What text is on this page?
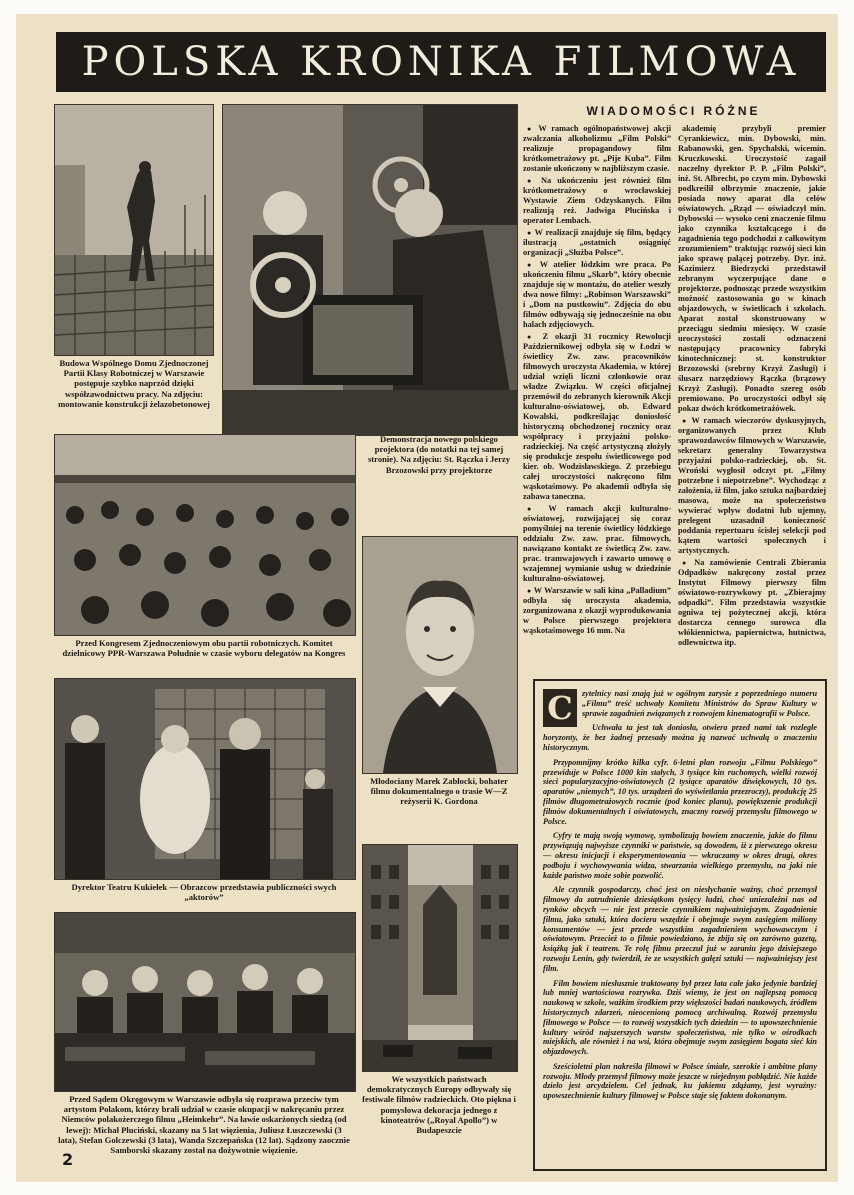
POLSKA KRONIKA FILMOWA
Budowa Wspólnego Domu Zjednoczonej Partii Klasy Robotniczej w Warszawie postępuje szybko naprzód dzięki współzawodnictwu pracy. Na zdjęciu: montowanie konstrukcji żelazobetonowej
WIADOMOŚCI RÓŻNE

● W ramach ogólnopaństwowej akcji zwalczania alkoholizmu „Film Polski” realizuje propagandowy film krótkometrażowy pt. „Pije Kuba”. Film zostanie ukończony w najbliższym czasie.

● Na ukończeniu jest również film krótkometrażowy o wrocławskiej Wystawie Ziem Odzyskanych. Film realizują reż. Jadwiga Plucińska i operator Lembach.

● W realizacji znajduje się film, będący ilustracją „ostatnich osiągnięć organizacji „Służba Polsce”.

● W atelier łódzkim wre praca. Po ukończeniu filmu „Skarb”, który obecnie znajduje się w montażu, do atelier weszły dwa nowe filmy: „Robinson Warszawski” i „Dom na pustkowiu”. Zdjęcia do obu filmów odbywają się jednocześnie na obu halach zdjęciowych.

● Z okazji 31 rocznicy Rewolucji Październikowej odbyła się w Łodzi w świetlicy Zw. zaw. pracowników filmowych uroczysta Akademia, w której udział wzięli liczni członkowie oraz władze Związku. W części oficjalnej przemówił do zebranych kierownik Akcji kulturalno-oświatowej, ob. Edward Kowalski, podkreślając doniosłość historyczną obchodzonej rocznicy oraz współpracy i przyjaźni polsko-radzieckiej. Na część artystyczną złożyły się produkcje zespołu świetlicowego pod kier. ob. Wodzisławskiego. Z przebiegu całej uroczystości nakręcono film wąskotaśmowy. Po akademii odbyła się zabawa taneczna.

● W ramach akcji kulturalno-oświatowej, rozwijającej się coraz pomyślniej na terenie świetlicy łódzkiego oddziału Zw. zaw. prac. filmowych, nawiązano kontakt ze świetlicą Zw. zaw. prac. tramwajowych i zawarto umowę o wzajemnej wymianie usług w dziedzinie kulturalno-oświatowej.

● W Warszawie w sali kina „Palladium” odbyła się uroczysta akademia, zorganizowana z okazji wyprodukowania w Polsce pierwszego projektora wąskotaśmowego 16 mm. Na

akademię przybyli premier Cyrankiewicz, min. Dybowski, min. Rabanowski, gen. Spychalski, wicemin. Kruczkowski. Uroczystość zagaił naczelny dyrektor P. P. „Film Polski”, inż. St. Albrecht, po czym min. Dybowski podkreślił olbrzymie znaczenie, jakie posiada nowy aparat dla celów oświatowych. „Rząd — oświadczył min. Dybowski — wysoko ceni znaczenie filmu jako czynnika kształcącego i do zagadnienia tego podchodzi z całkowitym zrozumieniem” traktując rozwój sieci kin jako sprawę palącej potrzeby. Dyr. inż. Kazimierz Biedrzycki przedstawił zebranym wyczerpujące dane o projektorze, podnosząc przede wszystkim możność zastosowania go w kinach objazdowych, w świetlicach i szkołach. Aparat został skonstruowany w przeciągu siedmiu miesięcy. W czasie uroczystości zostali odznaczeni następujący pracownicy fabryki kinotechnicznej: st. konstruktor Brzozowski (srebrny Krzyż Zasługi) i ślusarz narzędziowy Rączka (brązowy Krzyż Zasługi). Ponadto szereg osób premiowano. Po uroczystości odbył się pokaz dwóch krótkometrażówek.

● W ramach wieczorów dyskusyjnych, organizowanych przez Klub sprawozdawców filmowych w Warszawie, sekretarz generalny Towarzystwa przyjaźni polsko-radzieckiej, ob. St. Wroński wygłosił odczyt pt. „Filmy potrzebne i niepotrzebne”. Wychodząc z założenia, iż film, jako sztuka najbardziej masowa, może na społeczeństwo wywierać wpływ dodatni lub ujemny, prelegent uzasadnił konieczność poddania repertuaru ścisłej selekcji pod kątem wartości społecznych i artystycznych.

● Na zamówienie Centrali Zbierania Odpadków nakręcony został przez Instytut Filmowy pierwszy film oświatowo-rozrywkowy pt. „Zbierajmy odpadki”. Film przedstawia wszystkie ogniwa tej pożytecznej akcji, która dostarcza cennego surowca dla włókiennictwa, papiernictwa, hutnictwa, odlewnictwa itp.

Przed Kongresem Zjednoczeniowym obu partii robotniczych. Komitet dzielnicowy PPR-Warszawa Południe w czasie wyboru delegatów na Kongres
Demonstracja nowego polskiego projektora (do notatki na tej samej stronie). Na zdjęciu: St. Rączka i Jerzy Brzozowski przy projektorze
Młodociany Marek Zabłocki, bohater filmu dokumentalnego o trasie W—Z reżyserii K. Gordona
Dyrektor Teatru Kukiełek — Obrazcow przedstawia publiczności swych „aktorów”
We wszystkich państwach demokratycznych Europy odbywały się festiwale filmów radzieckich. Oto piękna i pomysłowa dekoracja jednego z kinoteatrów („Royal Apollo”) w Budapeszcie
Przed Sądem Okręgowym w Warszawie odbyła się rozprawa przeciw tym artystom Polakom, którzy brali udział w czasie okupacji w nakręcaniu przez Niemców polakożerczego filmu „Heimkehr”. Na ławie oskarżonych siedzą (od lewej): Michał Pluciński, skazany na 5 lat więzienia, Juliusz Łuszczewski (3 lata), Stefan Golczewski (3 lata), Wanda Szczepańska (12 lat). Sądzony zaocznie Samborski skazany został na dożywotnie więzienie.

C	zytelnicy nasi znają już w ogólnym zarysie z poprzedniego numeru „Filmu” treść uchwały Komitetu Ministrów do Spraw Kultury w sprawie zagadnień związanych z rozwojem kinematografii w Polsce.

Uchwała ta jest tak doniosła, otwiera przed nami tak rozległe horyzonty, że bez żadnej przesady można ją nazwać uchwałą o znaczeniu historycznym.

Przypomnijmy krótko kilka cyfr. 6-letni plan rozwoju „Filmu Polskiego” przewiduje w Polsce 1000 kin stałych, 3 tysiące kin ruchomych, wielki rozwój sieci popularyzacyjno-oświatowych (2 tysiące aparatów dźwiękowych, 10 tys. aparatów „niemych”, 10 tys. urządzeń do wyświetlania przezroczy), produkcję 25 filmów długometrażowych rocznie (pod koniec planu), powiększenie produkcji filmów dokumentalnych i oświatowych, znaczny rozwój przemysłu filmowego w Polsce.

Cyfry te mają swoją wymowę, symbolizują bowiem znaczenie, jakie do filmu przywiązują najwyższe czynniki w państwie, są dowodem, iż z pierwszego okresu — okresu inicjacji i eksperymentowania — wkraczamy w okres drugi, okres podboju i wychowywania widza, stwarzania wielkiego przemysłu, na jaki nie każde państwo może sobie pozwolić.

Ale czynnik gospodarczy, choć jest on niesłychanie ważny, choć przemysł filmowy da zatrudnienie dziesiątkom tysięcy ludzi, choć uniezależni nas od rynków obcych — nie jest przecie czynnikiem najważniejszym. Zagadnienie filmu, jako sztuki, która dociera wszędzie i obejmuje swym zasięgiem miliony konsumentów — jest przede wszystkim zagadnieniem wychowawczym i oświatowym. Przecież to o filmie powiedziano, że zbija się on zarówno gazetą, książką jak i teatrem. Te rolę filmu przeczuł już w zaraniu jego dzisiejszego rozwoju Lenin, gdy twierdził, że ze wszystkich gałęzi sztuki — najważniejszy jest film.

Film bowiem niesłusznie traktowany był przez lata całe jako jedynie bardziej lub mniej wartościowa rozrywka. Dziś wiemy, że jest on najlepszą pomocą naukową w szkole, ważkim środkiem przy większości badań naukowych, źródłem historycznych zdarzeń, nieocenioną pomocą archiwalną. Rozwój przemysłu filmowego w Polsce — to rozwój wszystkich tych dziedzin — to upowszechnienie kultury wśród najszerszych warstw społeczeństwa, nie tylko w ośrodkach miejskich, ale również i na wsi, która obejmuje swym zasięgiem bogata sieć kin objazdowych.

Sześcioletni plan nakreśla filmowi w Polsce śmiałe, szerokie i ambitne plany rozwoju. Młody przemysł filmowy może jeszcze w niejednym pobłądzić. Nie każde dzieło jest arcydziełem. Cel jednak, ku jakiemu zdążamy, jest wyraźny: upowszechnienie kultury filmowej w Polsce staje się faktem dokonanym.

2
